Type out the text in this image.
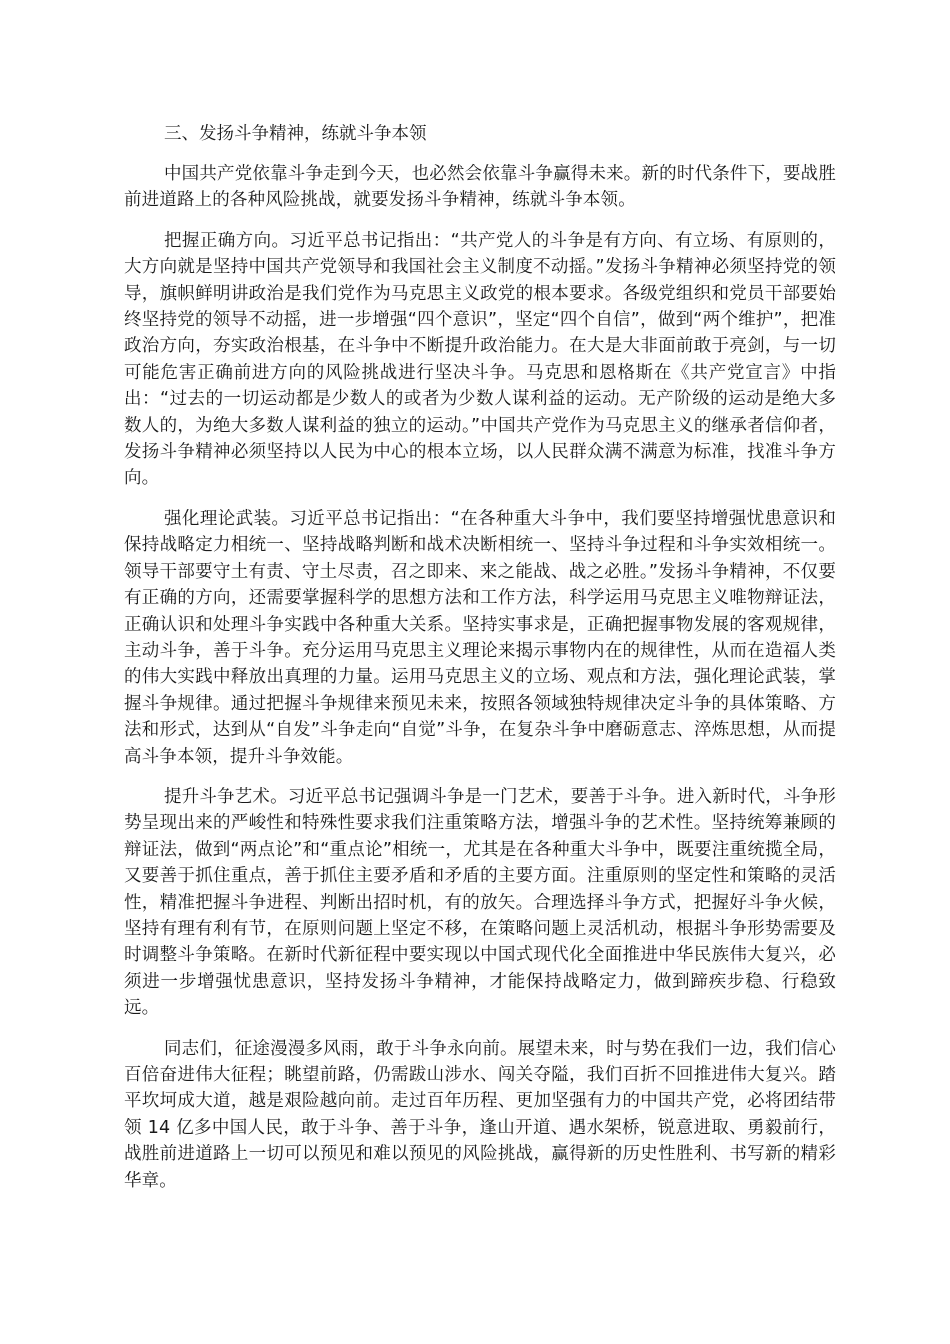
三、发扬斗争精神，练就斗争本领

中国共产党依靠斗争走到今天，也必然会依靠斗争赢得未来。新的时代条件下，要战胜前进道路上的各种风险挑战，就要发扬斗争精神，练就斗争本领。

把握正确方向。习近平总书记指出：“共产党人的斗争是有方向、有立场、有原则的，大方向就是坚持中国共产党领导和我国社会主义制度不动摇。”发扬斗争精神必须坚持党的领导，旗帜鲜明讲政治是我们党作为马克思主义政党的根本要求。各级党组织和党员干部要始终坚持党的领导不动摇，进一步增强“四个意识”，坚定“四个自信”，做到“两个维护”，把准政治方向，夯实政治根基，在斗争中不断提升政治能力。在大是大非面前敢于亮剑，与一切可能危害正确前进方向的风险挑战进行坚决斗争。马克思和恩格斯在《共产党宣言》中指出：“过去的一切运动都是少数人的或者为少数人谋利益的运动。无产阶级的运动是绝大多数人的，为绝大多数人谋利益的独立的运动。”中国共产党作为马克思主义的继承者信仰者，发扬斗争精神必须坚持以人民为中心的根本立场，以人民群众满不满意为标准，找准斗争方向。

强化理论武装。习近平总书记指出：“在各种重大斗争中，我们要坚持增强忧患意识和保持战略定力相统一、坚持战略判断和战术决断相统一、坚持斗争过程和斗争实效相统一。领导干部要守土有责、守土尽责，召之即来、来之能战、战之必胜。”发扬斗争精神，不仅要有正确的方向，还需要掌握科学的思想方法和工作方法，科学运用马克思主义唯物辩证法，正确认识和处理斗争实践中各种重大关系。坚持实事求是，正确把握事物发展的客观规律，主动斗争，善于斗争。充分运用马克思主义理论来揭示事物内在的规律性，从而在造福人类的伟大实践中释放出真理的力量。运用马克思主义的立场、观点和方法，强化理论武装，掌握斗争规律。通过把握斗争规律来预见未来，按照各领域独特规律决定斗争的具体策略、方法和形式，达到从“自发”斗争走向“自觉”斗争，在复杂斗争中磨砺意志、淬炼思想，从而提高斗争本领，提升斗争效能。

提升斗争艺术。习近平总书记强调斗争是一门艺术，要善于斗争。进入新时代，斗争形势呈现出来的严峻性和特殊性要求我们注重策略方法，增强斗争的艺术性。坚持统筹兼顾的辩证法，做到“两点论”和“重点论”相统一，尤其是在各种重大斗争中，既要注重统揽全局，又要善于抓住重点，善于抓住主要矛盾和矛盾的主要方面。注重原则的坚定性和策略的灵活性，精准把握斗争进程、判断出招时机，有的放矢。合理选择斗争方式，把握好斗争火候，坚持有理有利有节，在原则问题上坚定不移，在策略问题上灵活机动，根据斗争形势需要及时调整斗争策略。在新时代新征程中要实现以中国式现代化全面推进中华民族伟大复兴，必须进一步增强忧患意识，坚持发扬斗争精神，才能保持战略定力，做到蹄疾步稳、行稳致远。

同志们，征途漫漫多风雨，敢于斗争永向前。展望未来，时与势在我们一边，我们信心百倍奋进伟大征程；眺望前路，仍需跋山涉水、闯关夺隘，我们百折不回推进伟大复兴。踏平坎坷成大道，越是艰险越向前。走过百年历程、更加坚强有力的中国共产党，必将团结带领 14 亿多中国人民，敢于斗争、善于斗争，逢山开道、遇水架桥，锐意进取、勇毅前行，战胜前进道路上一切可以预见和难以预见的风险挑战，赢得新的历史性胜利、书写新的精彩华章。
